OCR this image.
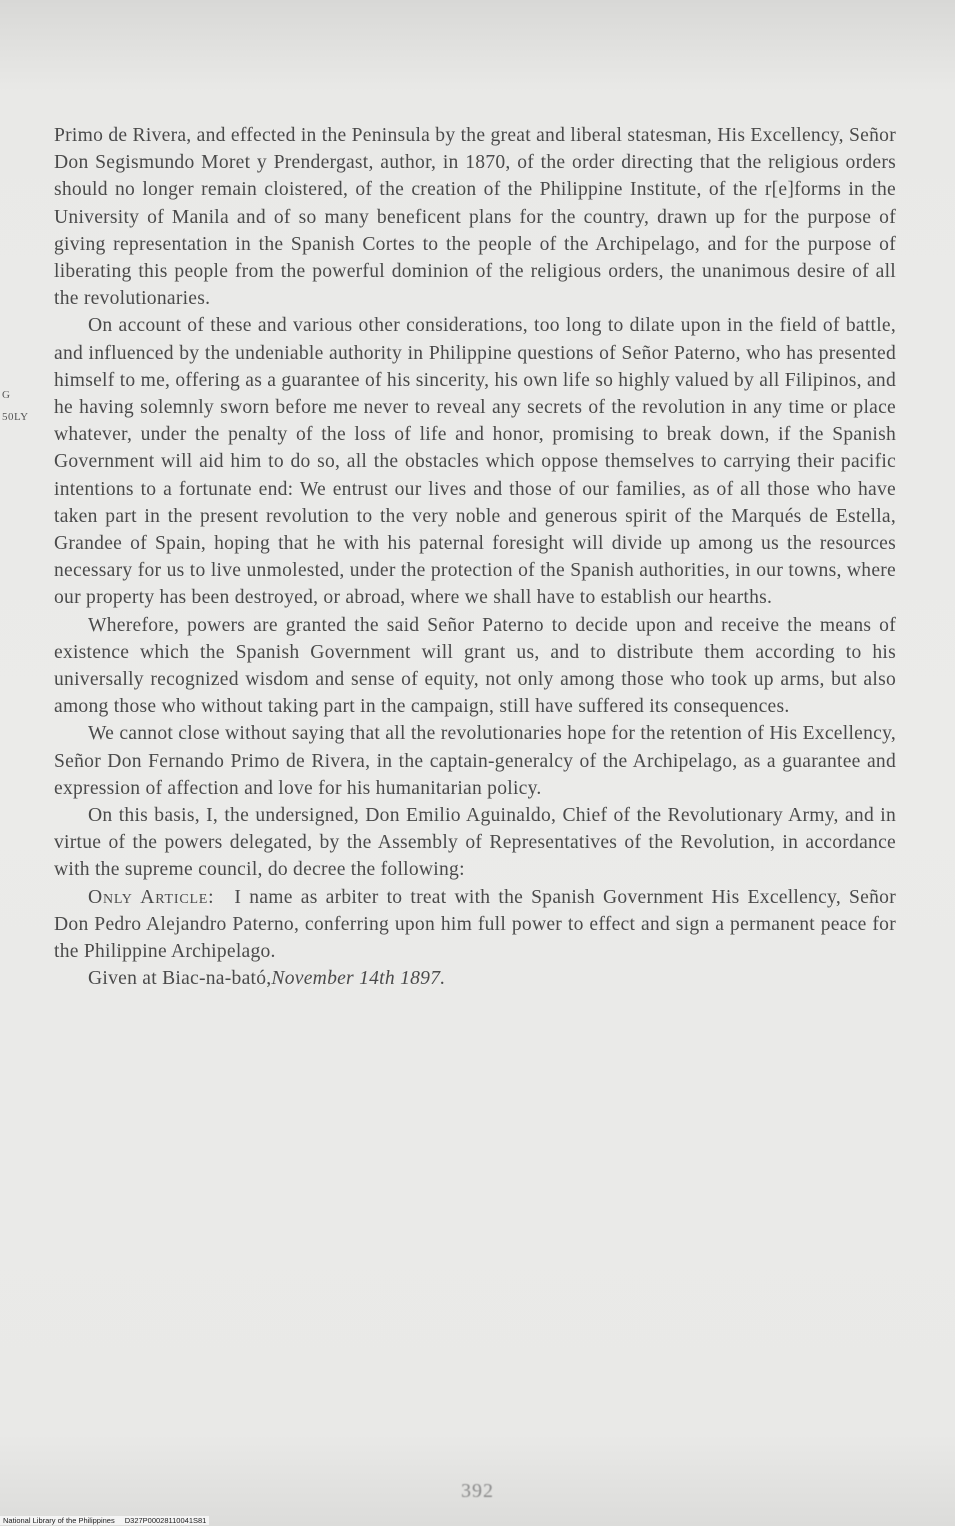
G
50LY

Primo de Rivera, and effected in the Peninsula by the great and liberal statesman, His Excellency, Señor Don Segismundo Moret y Prendergast, author, in 1870, of the order directing that the religious orders should no longer remain cloistered, of the creation of the Philippine Institute, of the r[e]forms in the University of Manila and of so many beneficent plans for the country, drawn up for the purpose of giving representation in the Spanish Cortes to the people of the Archipelago, and for the purpose of liberating this people from the powerful dominion of the religious orders, the unanimous desire of all the revolutionaries.

On account of these and various other considerations, too long to dilate upon in the field of battle, and influenced by the undeniable authority in Philippine questions of Señor Paterno, who has presented himself to me, offering as a guarantee of his sincerity, his own life so highly valued by all Filipinos, and he having solemnly sworn before me never to reveal any secrets of the revolution in any time or place whatever, under the penalty of the loss of life and honor, promising to break down, if the Spanish Government will aid him to do so, all the obstacles which oppose themselves to carrying their pacific intentions to a fortunate end: We entrust our lives and those of our families, as of all those who have taken part in the present revolution to the very noble and generous spirit of the Marqués de Estella, Grandee of Spain, hoping that he with his paternal foresight will divide up among us the resources necessary for us to live unmolested, under the protection of the Spanish authorities, in our towns, where our property has been destroyed, or abroad, where we shall have to establish our hearths.

Wherefore, powers are granted the said Señor Paterno to decide upon and receive the means of existence which the Spanish Government will grant us, and to distribute them according to his universally recognized wisdom and sense of equity, not only among those who took up arms, but also among those who without taking part in the campaign, still have suffered its consequences.

We cannot close without saying that all the revolutionaries hope for the retention of His Excellency, Señor Don Fernando Primo de Rivera, in the captain-generalcy of the Archipelago, as a guarantee and expression of affection and love for his humanitarian policy.

On this basis, I, the undersigned, Don Emilio Aguinaldo, Chief of the Revolutionary Army, and in virtue of the powers delegated, by the Assembly of Representatives of the Revolution, in accordance with the supreme council, do decree the following:

Only Article: I name as arbiter to treat with the Spanish Government His Excellency, Señor Don Pedro Alejandro Paterno, conferring upon him full power to effect and sign a permanent peace for the Philippine Archipelago.

Given at Biac-na-bató,November 14th 1897.

392
National Library of the Philippines D327P00028110041S81
